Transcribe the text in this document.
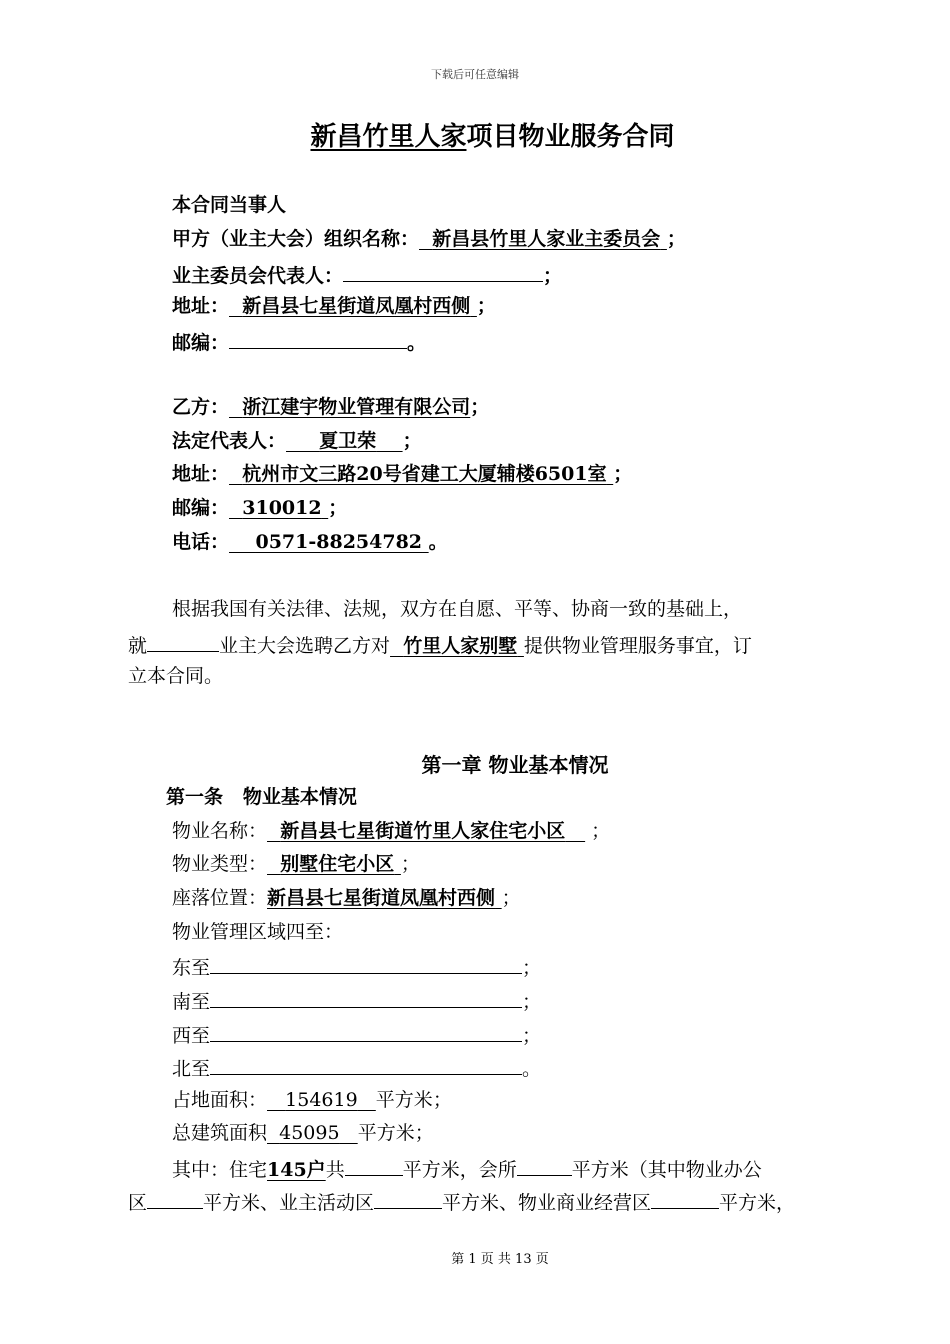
下载后可任意编辑
新昌竹里人家项目物业服务合同
本合同当事人
甲方（业主大会）组织名称： 新昌县竹里人家业主委员会 ；
业主委员会代表人：	；
地址： 新昌县七星街道凤凰村西侧 ；
邮编：	。
乙方： 浙江建宇物业管理有限公司；
法定代表人： 夏卫荣 ；
地址： 杭州市文三路20号省建工大厦辅楼6501室 ；
邮编： 310012 ；
电话： 0571-88254782 。
根据我国有关法律、法规，双方在自愿、平等、协商一致的基础上，
就	业主大会选聘乙方对 竹里人家别墅 提供物业管理服务事宜，订
立本合同。
第一章 物业基本情况
第一条   物业基本情况
物业名称： 新昌县七星街道竹里人家住宅小区    ；
物业类型： 别墅住宅小区 ；
座落位置：新昌县七星街道凤凰村西侧 ；
物业管理区域四至：
东至	；
南至	；
西至	；
北至	。
占地面积： 154619 平方米；
总建筑面积 45095 平方米；
其中：住宅145户共	平方米，会所	平方米（其中物业办公
区	平方米、业主活动区	平方米、物业商业经营区	平方米，
第 1 页 共 13 页
